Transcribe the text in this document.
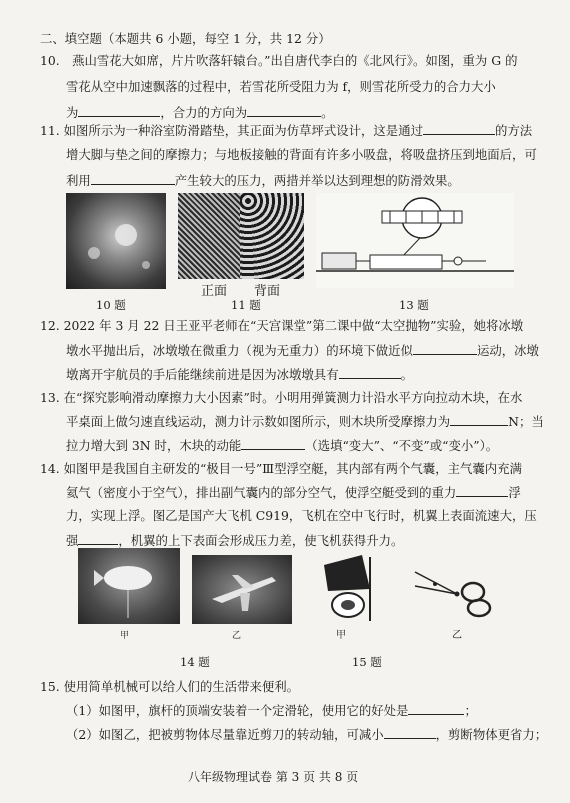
二、填空题（本题共 6 小题，每空 1 分，共 12 分）
10.　燕山雪花大如席，片片吹落轩辕台。”出自唐代李白的《北风行》。如图，重为 G 的
雪花从空中加速飘落的过程中，若雪花所受阻力为 f，则雪花所受力的合力大小
为	，合力的方向为	。
11. 如图所示为一种浴室防滑踏垫，其正面为仿草坪式设计，这是通过	的方法
增大脚与垫之间的摩擦力；与地板接触的背面有许多小吸盘，将吸盘挤压到地面后，可
利用	产生较大的压力，两措并举以达到理想的防滑效果。
正面 背面
10 题	11 题	13 题
12. 2022 年 3 月 22 日王亚平老师在“天宫课堂”第二课中做“太空抛物”实验，她将冰墩
墩水平抛出后，冰墩墩在微重力（视为无重力）的环境下做近似	运动，冰墩
墩离开宇航员的手后能继续前进是因为冰墩墩具有	。
13. 在“探究影响滑动摩擦力大小因素”时。小明用弹簧测力计沿水平方向拉动木块，在水
平桌面上做匀速直线运动，测力计示数如图所示，则木块所受摩擦力为	N；当
拉力增大到 3N 时，木块的动能	（选填“变大”、“不变”或“变小”）。
14. 如图甲是我国自主研发的“极目一号”Ⅲ型浮空艇，其内部有两个气囊，主气囊内充满
氦气（密度小于空气），排出副气囊内的部分空气，使浮空艇受到的重力	浮
力，实现上浮。图乙是国产大飞机 C919，飞机在空中飞行时，机翼上表面流速大，压
强	，机翼的上下表面会形成压力差，使飞机获得升力。
甲	乙	甲	乙
14 题	15 题
15. 使用简单机械可以给人们的生活带来便利。
（1）如图甲，旗杆的顶端安装着一个定滑轮，使用它的好处是	；
（2）如图乙，把被剪物体尽量靠近剪刀的转动轴，可减小	，剪断物体更省力；
八年级物理试卷 第 3 页 共 8 页
